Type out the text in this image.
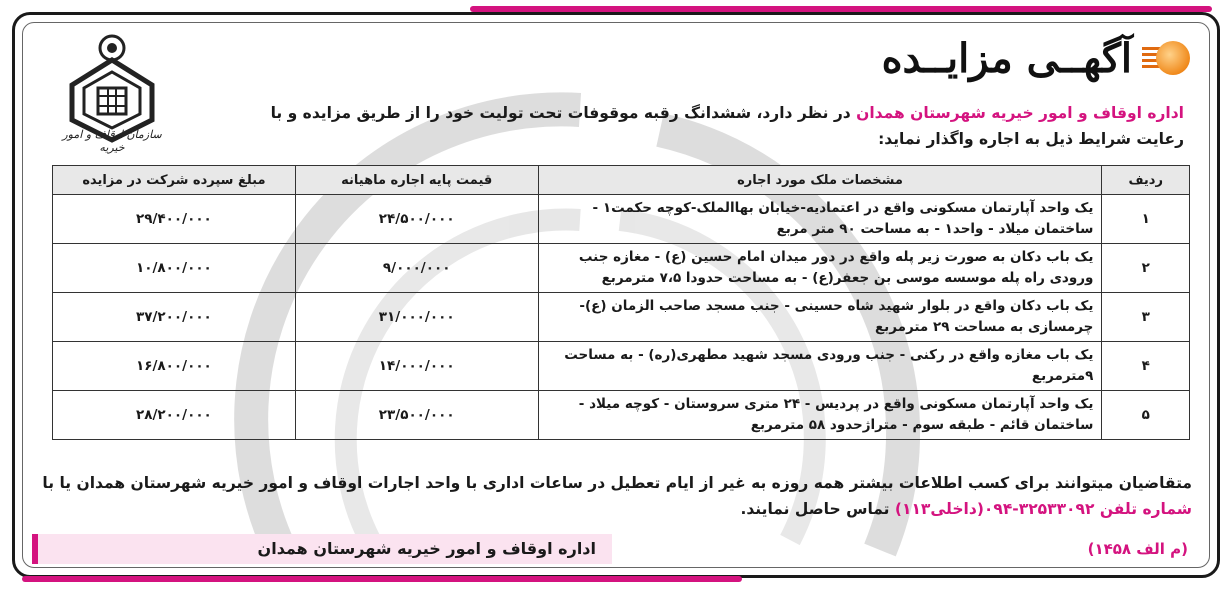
آگهــی مزایــده
سازمان اوقاف و امور خیریه
اداره اوقاف و امور خیریه شهرستان همدان در نظر دارد، ششدانگ رقبه موقوفات تحت تولیت خود را از طریق مزایده و با رعایت شرایط ذیل به اجاره واگذار نماید:
ردیف	مشخصات ملک مورد اجاره	قیمت پایه اجاره ماهیانه	مبلغ سپرده شرکت در مزایده
۱	یک واحد آپارتمان مسکونی واقع در اعتمادیه-خیابان بهاالملک-کوچه حکمت۱ - ساختمان میلاد - واحد۱ - به مساحت ۹۰ متر مربع	۲۴/۵۰۰/۰۰۰	۲۹/۴۰۰/۰۰۰
۲	یک باب دکان به صورت زیر پله واقع در دور میدان امام حسین (ع) - مغازه جنب ورودی راه پله موسسه موسی بن جعفر(ع) - به مساحت حدودا ۷،۵ مترمربع	۹/۰۰۰/۰۰۰	۱۰/۸۰۰/۰۰۰
۳	یک باب دکان واقع در بلوار شهید شاه حسینی - جنب مسجد صاحب الزمان (ع)- چرمسازی به مساحت ۲۹ مترمربع	۳۱/۰۰۰/۰۰۰	۳۷/۲۰۰/۰۰۰
۴	یک باب مغازه واقع در رکنی - جنب ورودی مسجد شهید مطهری(ره) - به مساحت ۹مترمربع	۱۴/۰۰۰/۰۰۰	۱۶/۸۰۰/۰۰۰
۵	یک واحد آپارتمان مسکونی واقع در پردیس - ۲۴ متری سروستان - کوچه میلاد - ساختمان قائم - طبقه سوم - متراژحدود ۵۸ مترمربع	۲۳/۵۰۰/۰۰۰	۲۸/۲۰۰/۰۰۰
متقاضیان میتوانند برای کسب اطلاعات بیشتر همه روزه به غیر از ایام تعطیل در ساعات اداری با واحد اجارات اوقاف و امور خیریه شهرستان همدان یا با شماره تلفن ۳۲۵۳۳۰۹۲-۰۹۴(داخلی۱۱۳) تماس حاصل نمایند.
(م الف ۱۴۵۸)
اداره اوقاف و امور خیریه شهرستان همدان
